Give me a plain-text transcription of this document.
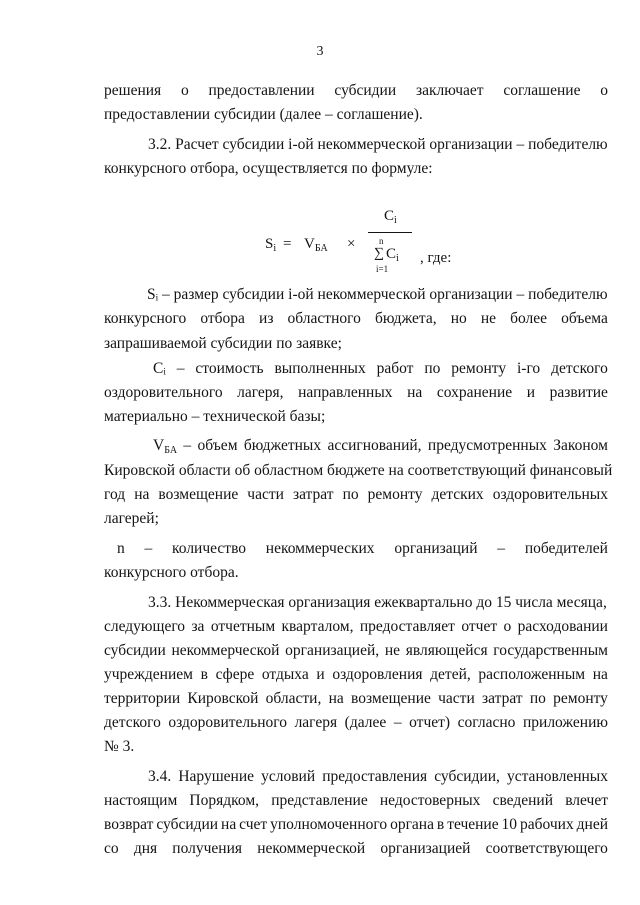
3
$S_i = V_{БА}$ ×
$C_i$
n
∑ $C_i$
i=1
, где:
решения о предоставлении субсидии заключает соглашение о
предоставлении субсидии (далее – соглашение).
3.2. Расчет субсидии i-ой некоммерческой организации – победителю
конкурсного отбора, осуществляется по формуле:
Sᵢ – размер субсидии i-ой некоммерческой организации – победителю
конкурсного отбора из областного бюджета, но не более объема
запрашиваемой субсидии по заявке;
Cᵢ – стоимость выполненных работ по ремонту i-го детского
оздоровительного лагеря, направленных на сохранение и развитие
материально – технической базы;
$V_{БА}$ – объем бюджетных ассигнований, предусмотренных Законом
Кировской области об областном бюджете на соответствующий финансовый
год на возмещение части затрат по ремонту детских оздоровительных
лагерей;
n – количество некоммерческих организаций – победителей
конкурсного отбора.
3.3. Некоммерческая организация ежеквартально до 15 числа месяца,
следующего за отчетным кварталом, предоставляет отчет о расходовании
субсидии некоммерческой организацией, не являющейся государственным
учреждением в сфере отдыха и оздоровления детей, расположенным на
территории Кировской области, на возмещение части затрат по ремонту
детского оздоровительного лагеря (далее – отчет) согласно приложению
№ 3.
3.4. Нарушение условий предоставления субсидии, установленных
настоящим Порядком, представление недостоверных сведений влечет
возврат субсидии на счет уполномоченного органа в течение 10 рабочих дней
со дня получения некоммерческой организацией соответствующего
